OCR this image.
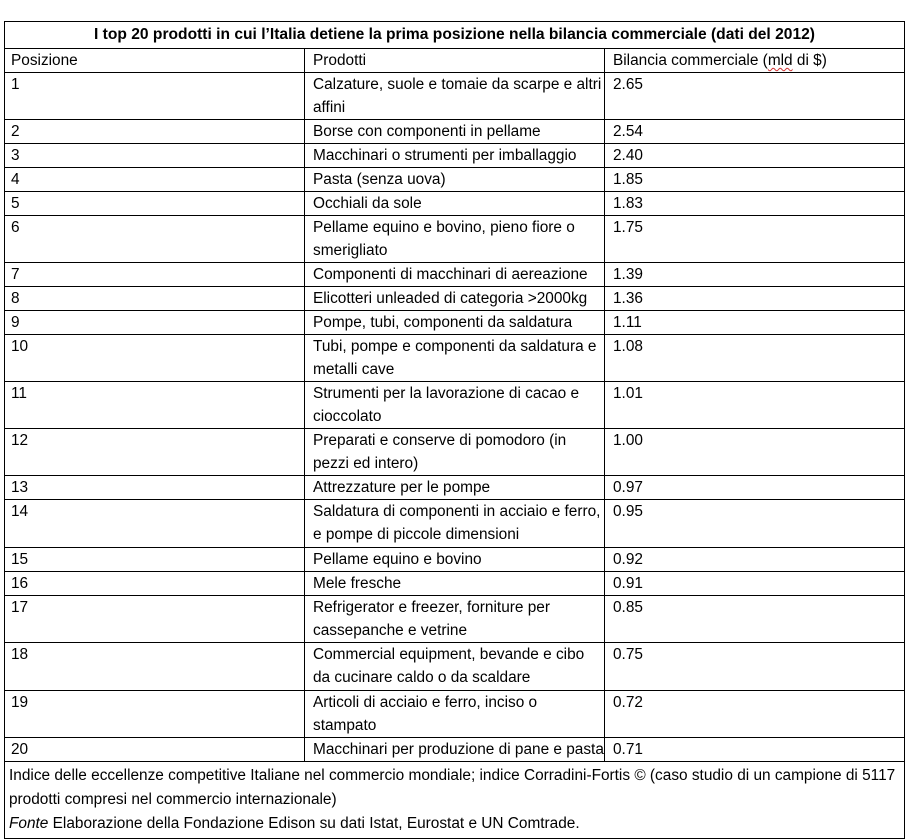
I top 20 prodotti in cui l’Italia detiene la prima posizione nella bilancia commerciale (dati del 2012)		
Posizione	Prodotti	Bilancia commerciale (mld di $)
1	Calzature, suole e tomaie da scarpe e altri affini	2.65
2	Borse con componenti in pellame	2.54
3	Macchinari o strumenti per imballaggio	2.40
4	Pasta (senza uova)	1.85
5	Occhiali da sole	1.83
6	Pellame equino e bovino, pieno fiore o smerigliato	1.75
7	Componenti di macchinari di aereazione	1.39
8	Elicotteri unleaded di categoria >2000kg	1.36
9	Pompe, tubi, componenti da saldatura	1.11
10	Tubi, pompe e componenti da saldatura e metalli cave	1.08
11	Strumenti per la lavorazione di cacao e cioccolato	1.01
12	Preparati e conserve di pomodoro (in pezzi ed intero)	1.00
13	Attrezzature per le pompe	0.97
14	Saldatura di componenti in acciaio e ferro, e pompe di piccole dimensioni	0.95
15	Pellame equino e bovino	0.92
16	Mele fresche	0.91
17	Refrigerator e freezer, forniture per cassepanche e vetrine	0.85
18	Commercial equipment, bevande e cibo da cucinare caldo o da scaldare	0.75
19	Articoli di acciaio e ferro, inciso o stampato	0.72
20	Macchinari per produzione di pane e pasta	0.71

Indice delle eccellenze competitive Italiane nel commercio mondiale; indice Corradini-Fortis © (caso studio di un campione di 5117 prodotti compresi nel commercio internazionale)
Fonte Elaborazione della Fondazione Edison su dati Istat, Eurostat e UN Comtrade.		
